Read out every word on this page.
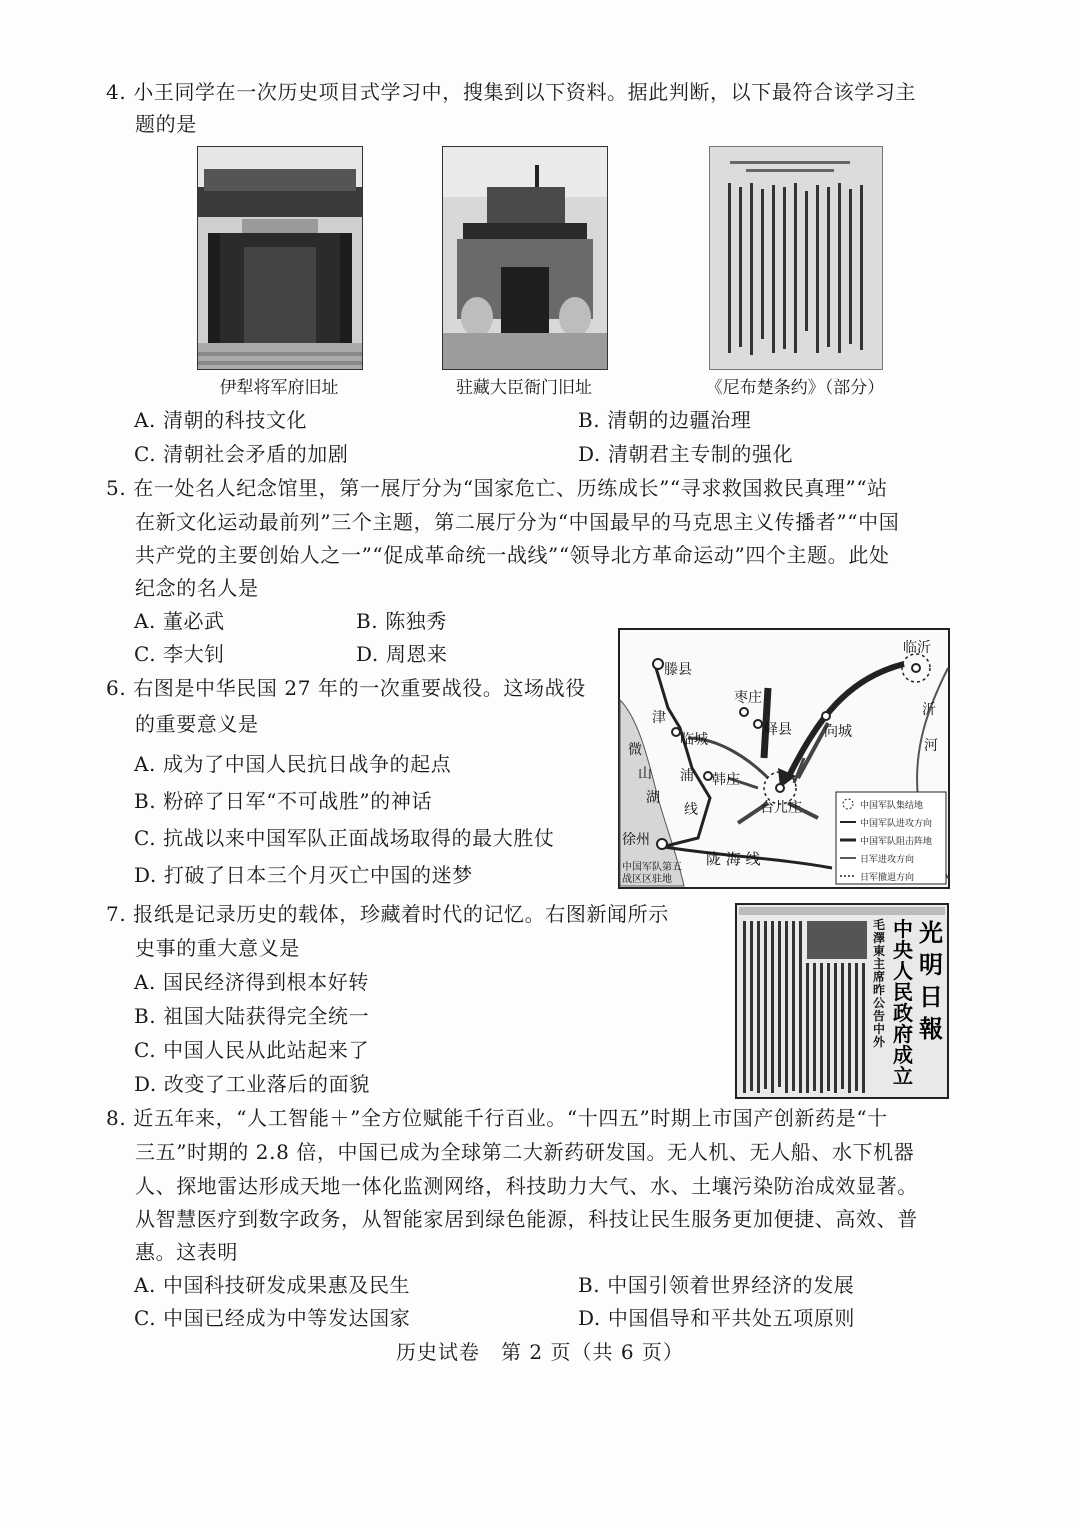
4. 小王同学在一次历史项目式学习中，搜集到以下资料。据此判断，以下最符合该学习主
题的是
伊犁将军府旧址	驻藏大臣衙门旧址	《尼布楚条约》（部分）
A. 清朝的科技文化	B. 清朝的边疆治理
C. 清朝社会矛盾的加剧	D. 清朝君主专制的强化
5. 在一处名人纪念馆里，第一展厅分为“国家危亡、历练成长”“寻求救国救民真理”“站
在新文化运动最前列”三个主题，第二展厅分为“中国最早的马克思主义传播者”“中国
共产党的主要创始人之一”“促成革命统一战线”“领导北方革命运动”四个主题。此处
纪念的名人是
A. 董必武	B. 陈独秀
C. 李大钊	D. 周恩来
6. 右图是中华民国 27 年的一次重要战役。这场战役
的重要意义是
A. 成为了中国人民抗日战争的起点
B. 粉碎了日军“不可战胜”的神话
C. 抗战以来中国军队正面战场取得的最大胜仗
D. 打破了日本三个月灭亡中国的迷梦
滕县
临沂
枣庄
峄县 向城
临城
韩庄
台儿庄
徐州
微
山
湖
沂
河
津
浦
线
陇 海 线
中国军队第五
战区区驻地
中国军队集结地
中国军队进攻方向
中国军队阻击阵地
日军进攻方向
日军撤退方向
7. 报纸是记录历史的载体，珍藏着时代的记忆。右图新闻所示
史事的重大意义是
A. 国民经济得到根本好转
B. 祖国大陆获得完全统一
C. 中国人民从此站起来了
D. 改变了工业落后的面貌
毛澤東主席昨公告中外
中央人民政府成立
光明日報
8. 近五年来，“人工智能＋”全方位赋能千行百业。“十四五”时期上市国产创新药是“十
三五”时期的 2.8 倍，中国已成为全球第二大新药研发国。无人机、无人船、水下机器
人、探地雷达形成天地一体化监测网络，科技助力大气、水、土壤污染防治成效显著。
从智慧医疗到数字政务，从智能家居到绿色能源，科技让民生服务更加便捷、高效、普
惠。这表明
A. 中国科技研发成果惠及民生	B. 中国引领着世界经济的发展
C. 中国已经成为中等发达国家	D. 中国倡导和平共处五项原则
历史试卷　第 2 页（共 6 页）
